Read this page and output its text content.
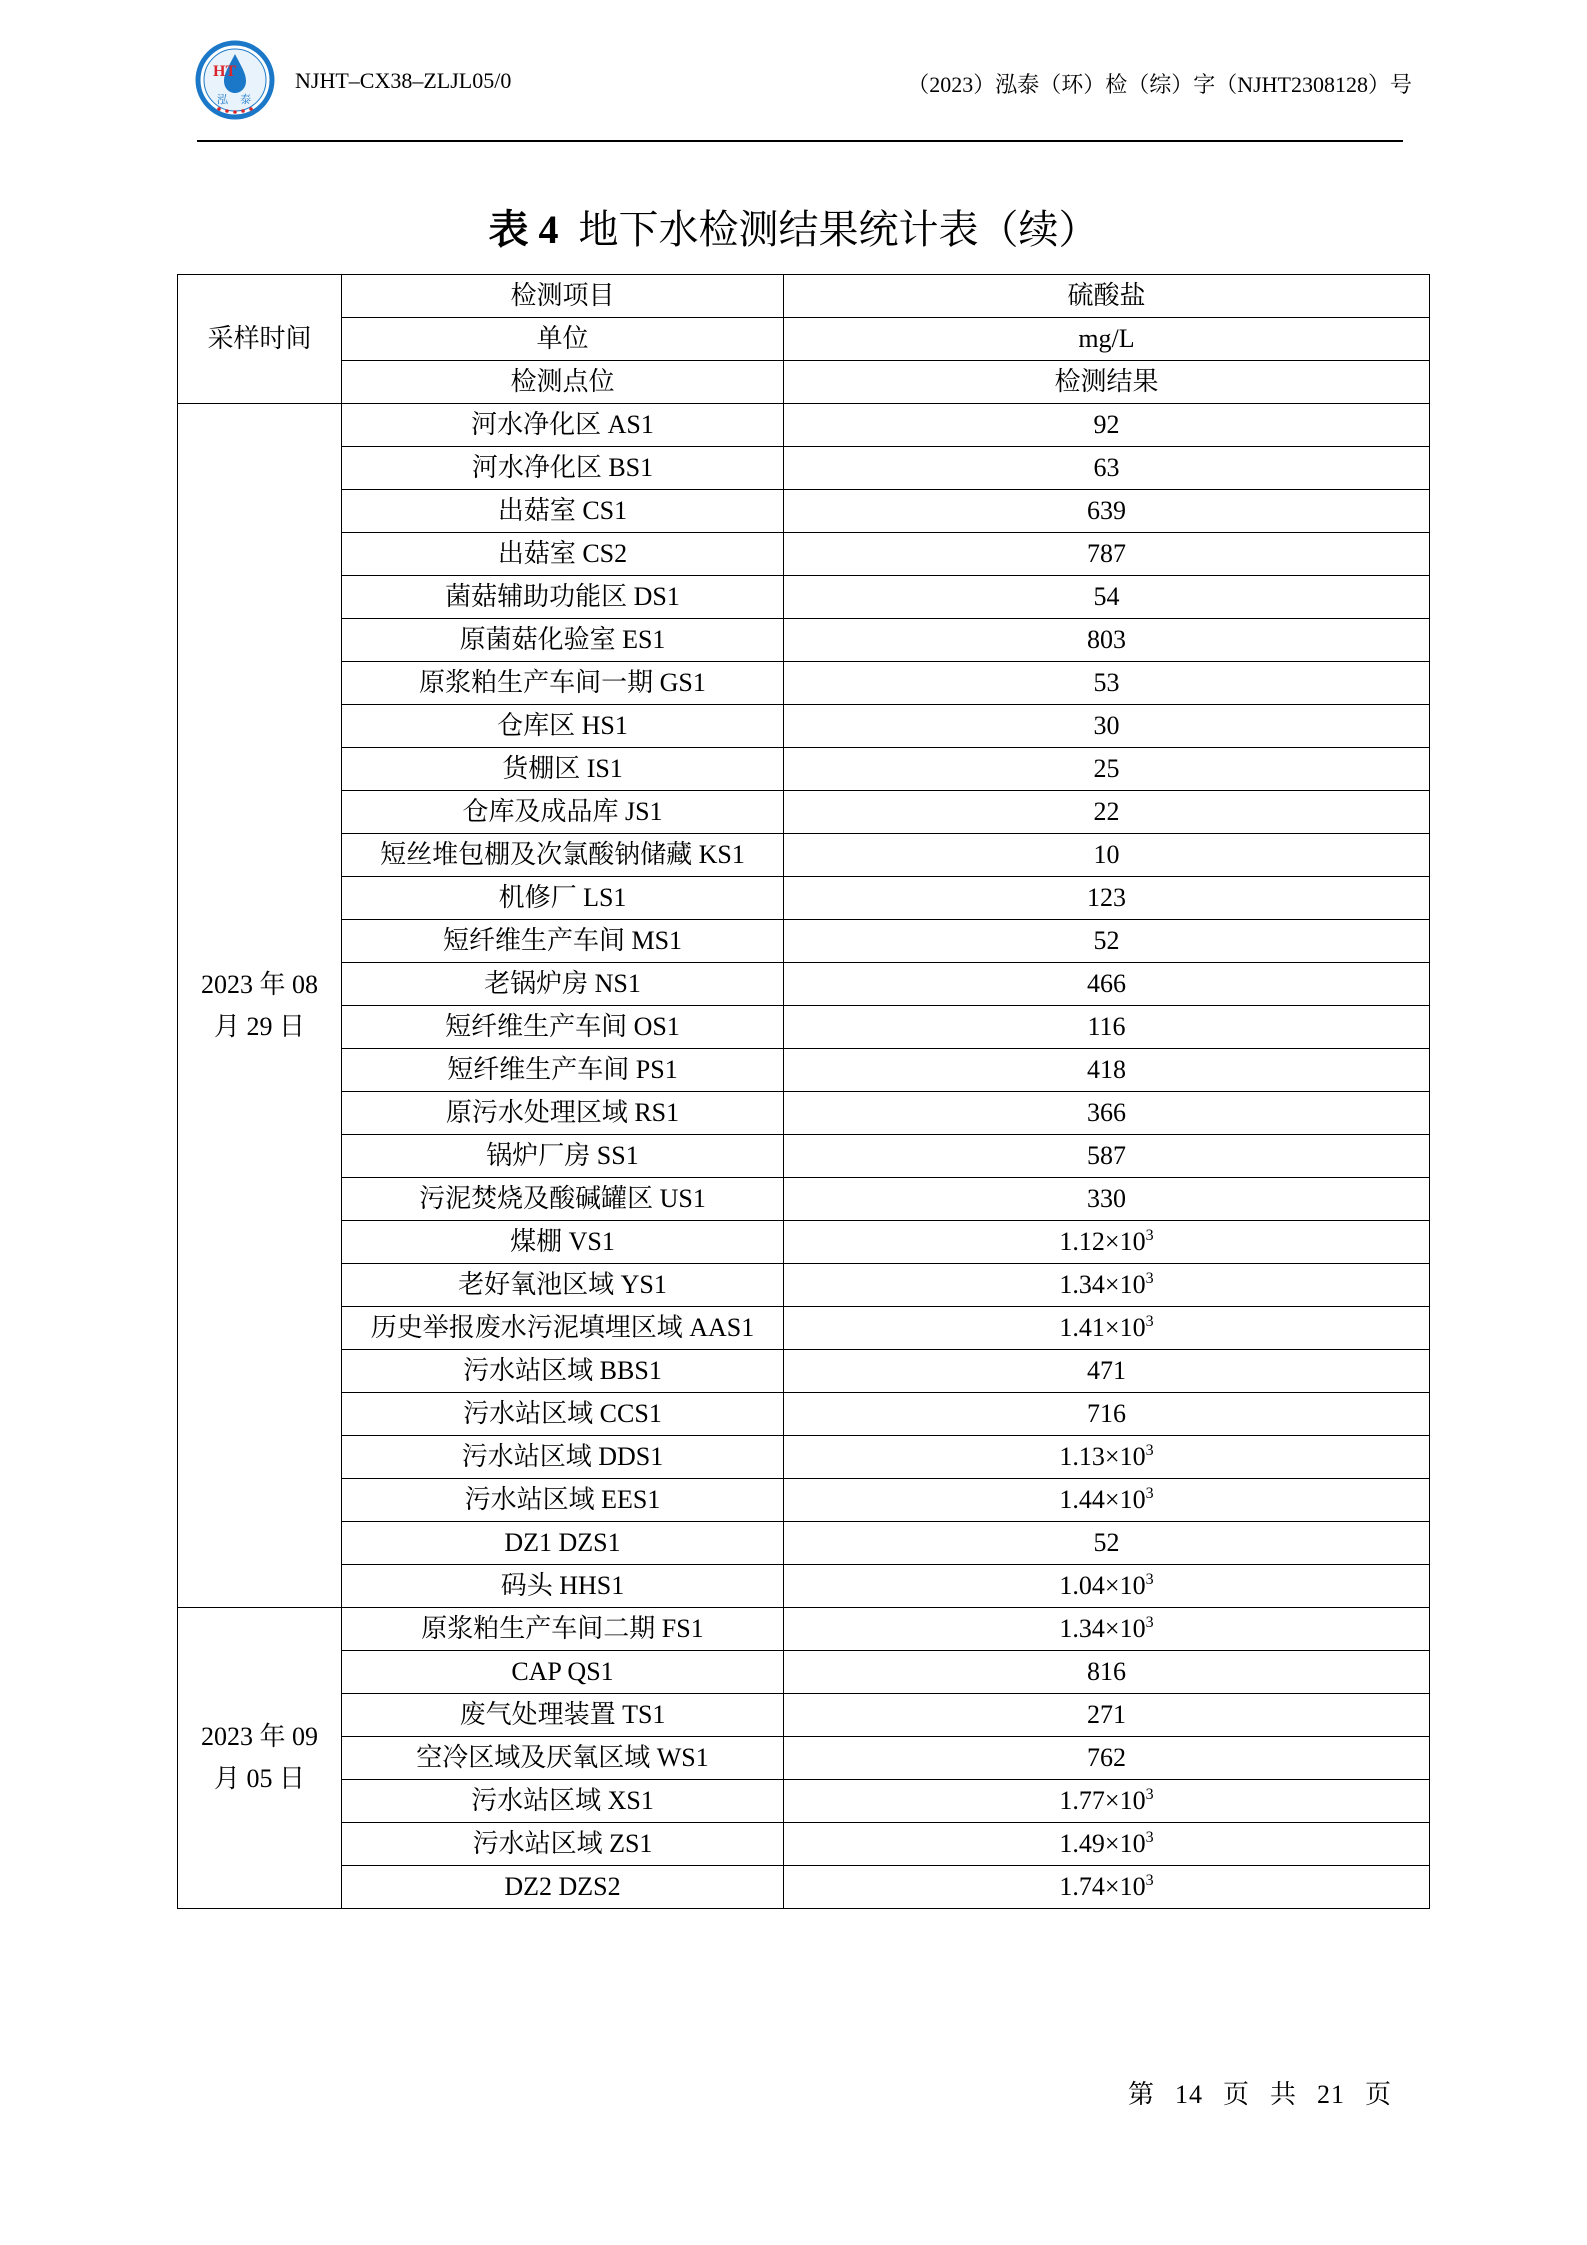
HT
泓泰
NJHT–CX38–ZLJL05/0	（2023）泓泰（环）检（综）字（NJHT2308128）号
表 4 地下水检测结果统计表（续）
采样时间	检测项目	硫酸盐
	单位	mg/L
	检测点位	检测结果
2023 年 08 月 29 日	河水净化区 AS1	92
	河水净化区 BS1	63
	出菇室 CS1	639
	出菇室 CS2	787
	菌菇辅助功能区 DS1	54
	原菌菇化验室 ES1	803
	原浆粕生产车间一期 GS1	53
	仓库区 HS1	30
	货棚区 IS1	25
	仓库及成品库 JS1	22
	短丝堆包棚及次氯酸钠储藏 KS1	10
	机修厂 LS1	123
	短纤维生产车间 MS1	52
	老锅炉房 NS1	466
	短纤维生产车间 OS1	116
	短纤维生产车间 PS1	418
	原污水处理区域 RS1	366
	锅炉厂房 SS1	587
	污泥焚烧及酸碱罐区 US1	330
	煤棚 VS1	$1.12\times 10^3$
	老好氧池区域 YS1	$1.34\times 10^3$
	历史举报废水污泥填埋区域 AAS1	$1.41\times 10^3$
	污水站区域 BBS1	471
	污水站区域 CCS1	716
	污水站区域 DDS1	$1.13\times 10^3$
	污水站区域 EES1	$1.44\times 10^3$
	DZ1 DZS1	52
	码头 HHS1	$1.04\times 10^3$
2023 年 09 月 05 日	原浆粕生产车间二期 FS1	$1.34\times 10^3$
	CAP QS1	816
	废气处理装置 TS1	271
	空冷区域及厌氧区域 WS1	762
	污水站区域 XS1	$1.77\times 10^3$
	污水站区域 ZS1	$1.49\times 10^3$
	DZ2 DZS2	$1.74\times 10^3$
第 14 页 共 21 页
